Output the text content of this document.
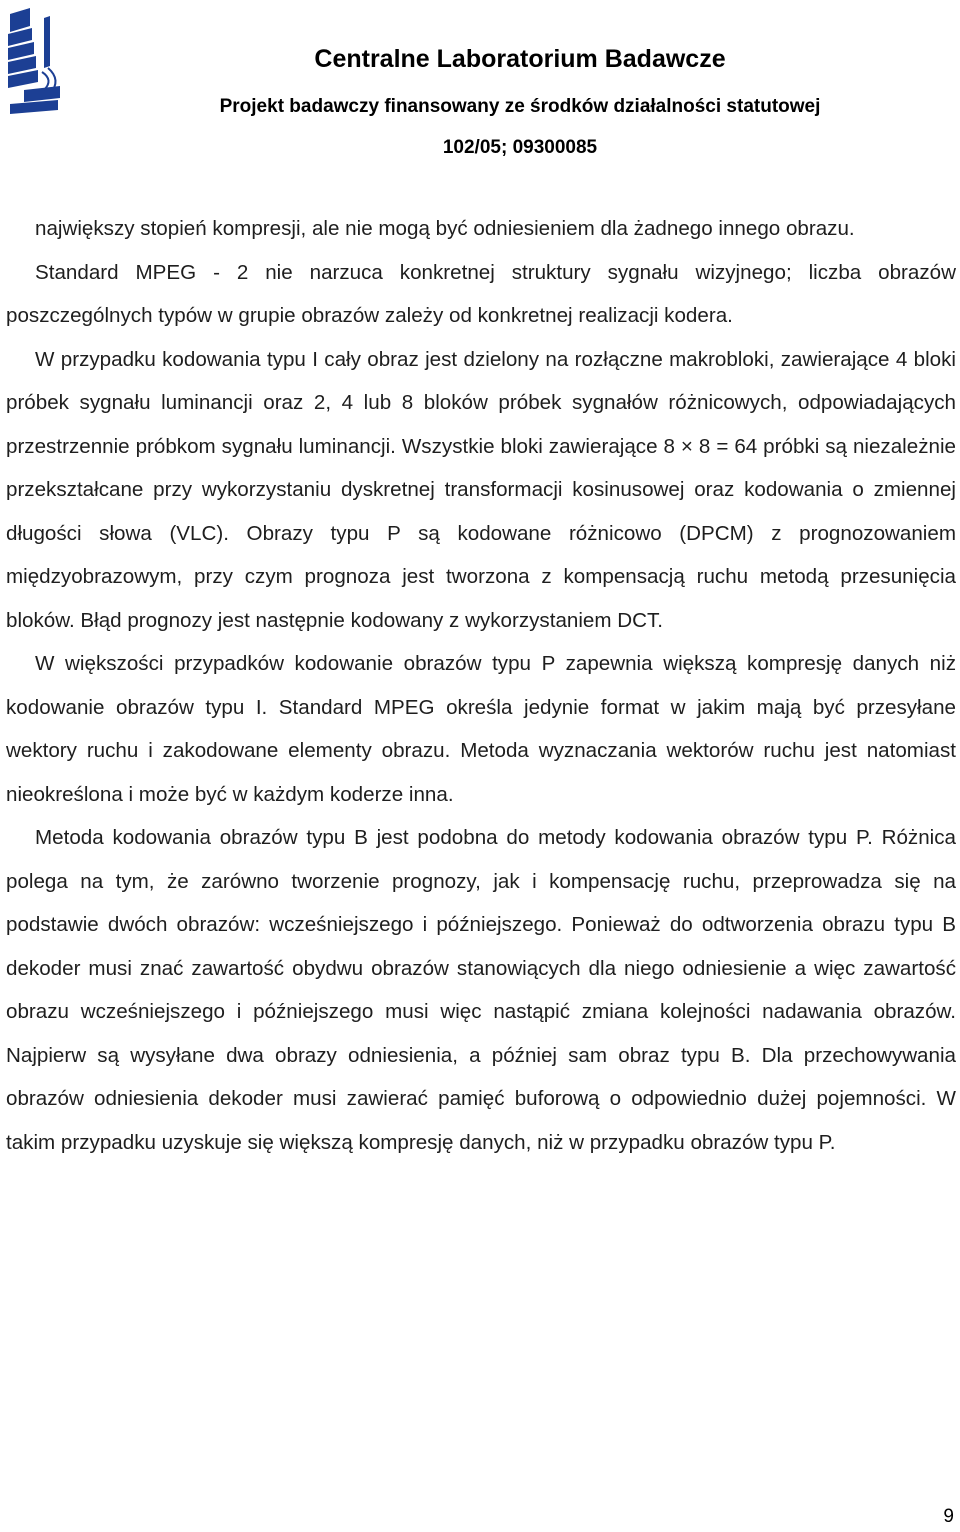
Centralne Laboratorium Badawcze
Projekt badawczy finansowany ze środków działalności statutowej
102/05; 09300085

największy stopień kompresji, ale nie mogą być odniesieniem dla żadnego innego obrazu.

Standard MPEG - 2 nie narzuca konkretnej struktury sygnału wizyjnego; liczba obrazów poszczególnych typów w grupie obrazów zależy od konkretnej realizacji kodera.

W przypadku kodowania typu I cały obraz jest dzielony na rozłączne makrobloki, zawierające 4 bloki próbek sygnału luminancji oraz 2, 4 lub 8 bloków próbek sygnałów różnicowych, odpowiadających przestrzennie próbkom sygnału luminancji. Wszystkie bloki zawierające 8 × 8 = 64 próbki są niezależnie przekształcane przy wykorzystaniu dyskretnej transformacji kosinusowej oraz kodowania o zmiennej długości słowa (VLC). Obrazy typu P są kodowane różnicowo (DPCM) z prognozowaniem międzyobrazowym, przy czym prognoza jest tworzona z kompensacją ruchu metodą przesunięcia bloków. Błąd prognozy jest następnie kodowany z wykorzystaniem DCT.

W większości przypadków kodowanie obrazów typu P zapewnia większą kompresję danych niż kodowanie obrazów typu I. Standard MPEG określa jedynie format w jakim mają być przesyłane wektory ruchu i zakodowane elementy obrazu. Metoda wyznaczania wektorów ruchu jest natomiast nieokreślona i może być w każdym koderze inna.

Metoda kodowania obrazów typu B jest podobna do metody kodowania obrazów typu P. Różnica polega na tym, że zarówno tworzenie prognozy, jak i kompensację ruchu, przeprowadza się na podstawie dwóch obrazów: wcześniejszego i późniejszego. Ponieważ do odtworzenia obrazu typu B dekoder musi znać zawartość obydwu obrazów stanowiących dla niego odniesienie a więc zawartość obrazu wcześniejszego i późniejszego musi więc nastąpić zmiana kolejności nadawania obrazów. Najpierw są wysyłane dwa obrazy odniesienia, a później sam obraz typu B. Dla przechowywania obrazów odniesienia dekoder musi zawierać pamięć buforową o odpowiednio dużej pojemności. W takim przypadku uzyskuje się większą kompresję danych, niż w przypadku obrazów typu P.

9
